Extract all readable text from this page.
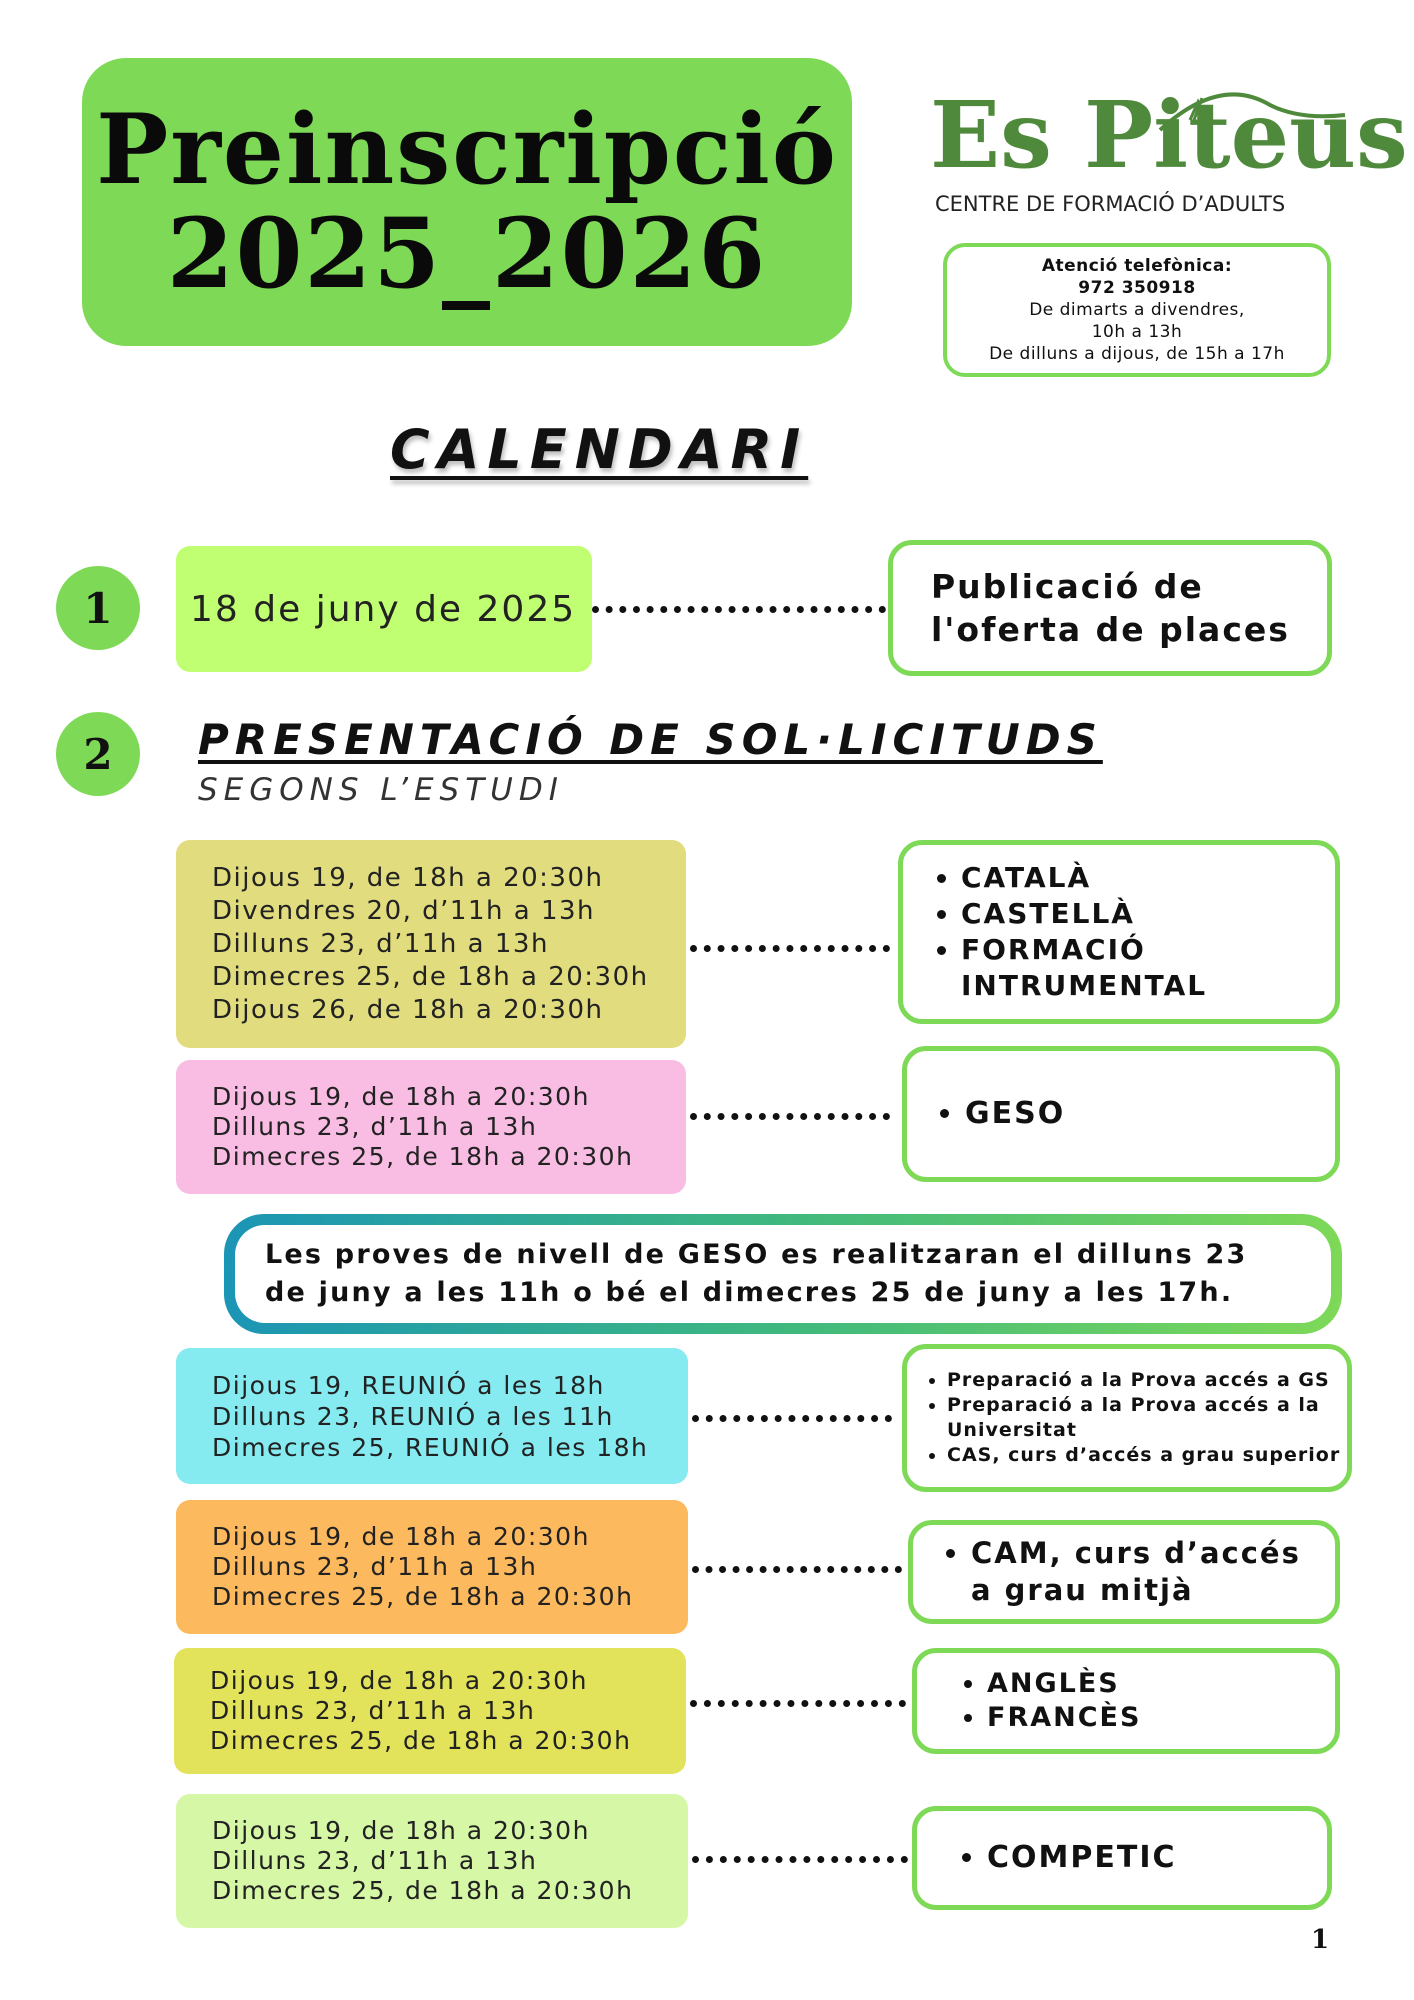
Preinscripció
2025_2026
Es Piteus
CENTRE DE FORMACIÓ D’ADULTS
Atenció telefònica:
972 350918
De dimarts a divendres,
10h a 13h
De dilluns a dijous, de 15h a 17h
CALENDARI
1	18 de juny de 2025
Publicació de
l'oferta de places
2	PRESENTACIÓ DE SOL·LICITUDS
SEGONS L’ESTUDI
Dijous 19, de 18h a 20:30h
Divendres 20, d’11h a 13h
Dilluns 23, d’11h a 13h
Dimecres 25, de 18h a 20:30h
Dijous 26, de 18h a 20:30h
• CATALÀ
• CASTELLÀ
• FORMACIÓ
INTRUMENTAL
Dijous 19, de 18h a 20:30h
Dilluns 23, d’11h a 13h
Dimecres 25, de 18h a 20:30h
• GESO
Les proves de nivell de GESO es realitzaran el dilluns 23
de juny a les 11h o bé el dimecres 25 de juny a les 17h.
Dijous 19, REUNIÓ a les 18h
Dilluns 23, REUNIÓ a les 11h
Dimecres 25, REUNIÓ a les 18h
• Preparació a la Prova accés a GS
• Preparació a la Prova accés a la
Universitat
• CAS, curs d’accés a grau superior
Dijous 19, de 18h a 20:30h
Dilluns 23, d’11h a 13h
Dimecres 25, de 18h a 20:30h
• CAM, curs d’accés
a grau mitjà
Dijous 19, de 18h a 20:30h
Dilluns 23, d’11h a 13h
Dimecres 25, de 18h a 20:30h
• ANGLÈS
• FRANCÈS
Dijous 19, de 18h a 20:30h
Dilluns 23, d’11h a 13h
Dimecres 25, de 18h a 20:30h
• COMPETIC
1
